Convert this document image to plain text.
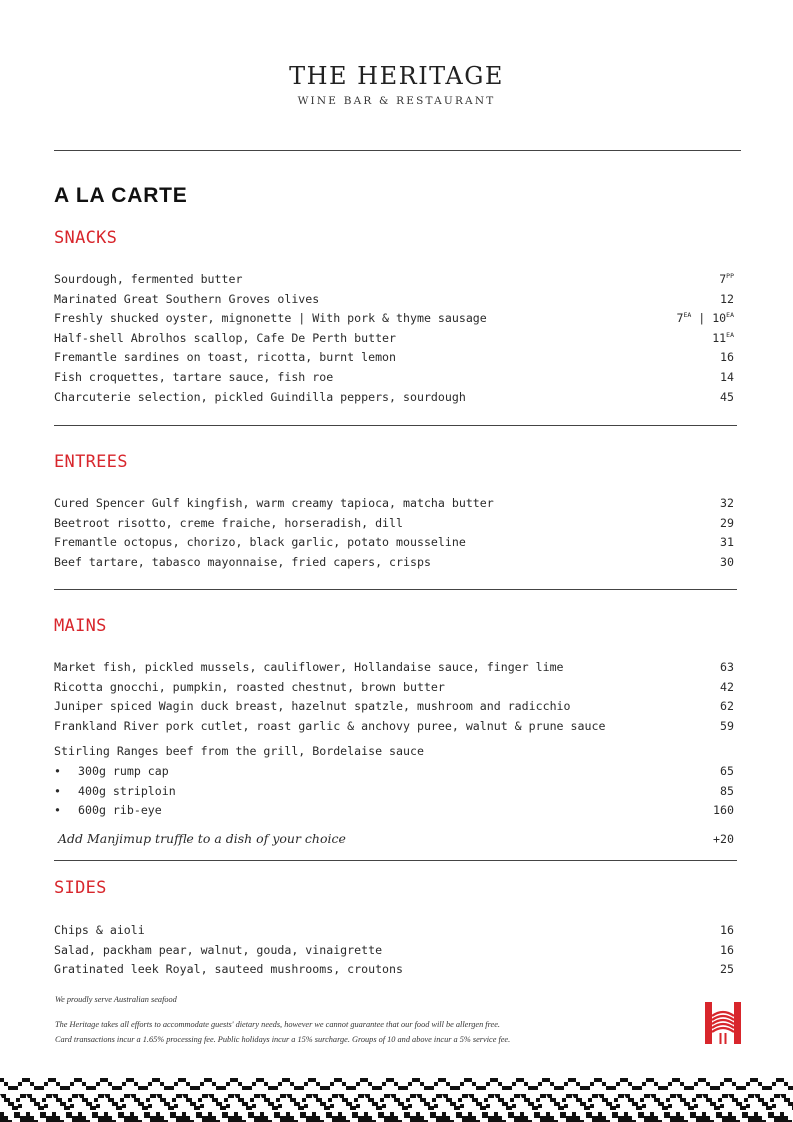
THE HERITAGE
WINE BAR & RESTAURANT
A LA CARTE
SNACKS
Sourdough, fermented butter	$7^{PP}$
Marinated Great Southern Groves olives	12
Freshly shucked oyster, mignonette | With pork & thyme sausage	$7^{EA}$ | $10^{EA}$
Half-shell Abrolhos scallop, Cafe De Perth butter	$11^{EA}$
Fremantle sardines on toast, ricotta, burnt lemon	16
Fish croquettes, tartare sauce, fish roe	14
Charcuterie selection, pickled Guindilla peppers, sourdough	45
ENTREES
Cured Spencer Gulf kingfish, warm creamy tapioca, matcha butter	32
Beetroot risotto, creme fraiche, horseradish, dill	29
Fremantle octopus, chorizo, black garlic, potato mousseline	31
Beef tartare, tabasco mayonnaise, fried capers, crisps	30
MAINS
Market fish, pickled mussels, cauliflower, Hollandaise sauce, finger lime	63
Ricotta gnocchi, pumpkin, roasted chestnut, brown butter	42
Juniper spiced Wagin duck breast, hazelnut spatzle, mushroom and radicchio	62
Frankland River pork cutlet, roast garlic & anchovy puree, walnut & prune sauce	59
Stirling Ranges beef from the grill, Bordelaise sauce
• 300g rump cap	65
• 400g striploin	85
• 600g rib-eye	160
Add Manjimup truffle to a dish of your choice	+20
SIDES
Chips & aioli	16
Salad, packham pear, walnut, gouda, vinaigrette	16
Gratinated leek Royal, sauteed mushrooms, croutons	25
We proudly serve Australian seafood
The Heritage takes all efforts to accommodate guests' dietary needs, however we cannot guarantee that our food will be allergen free.
Card transactions incur a 1.65% processing fee. Public holidays incur a 15% surcharge. Groups of 10 and above incur a 5% service fee.
